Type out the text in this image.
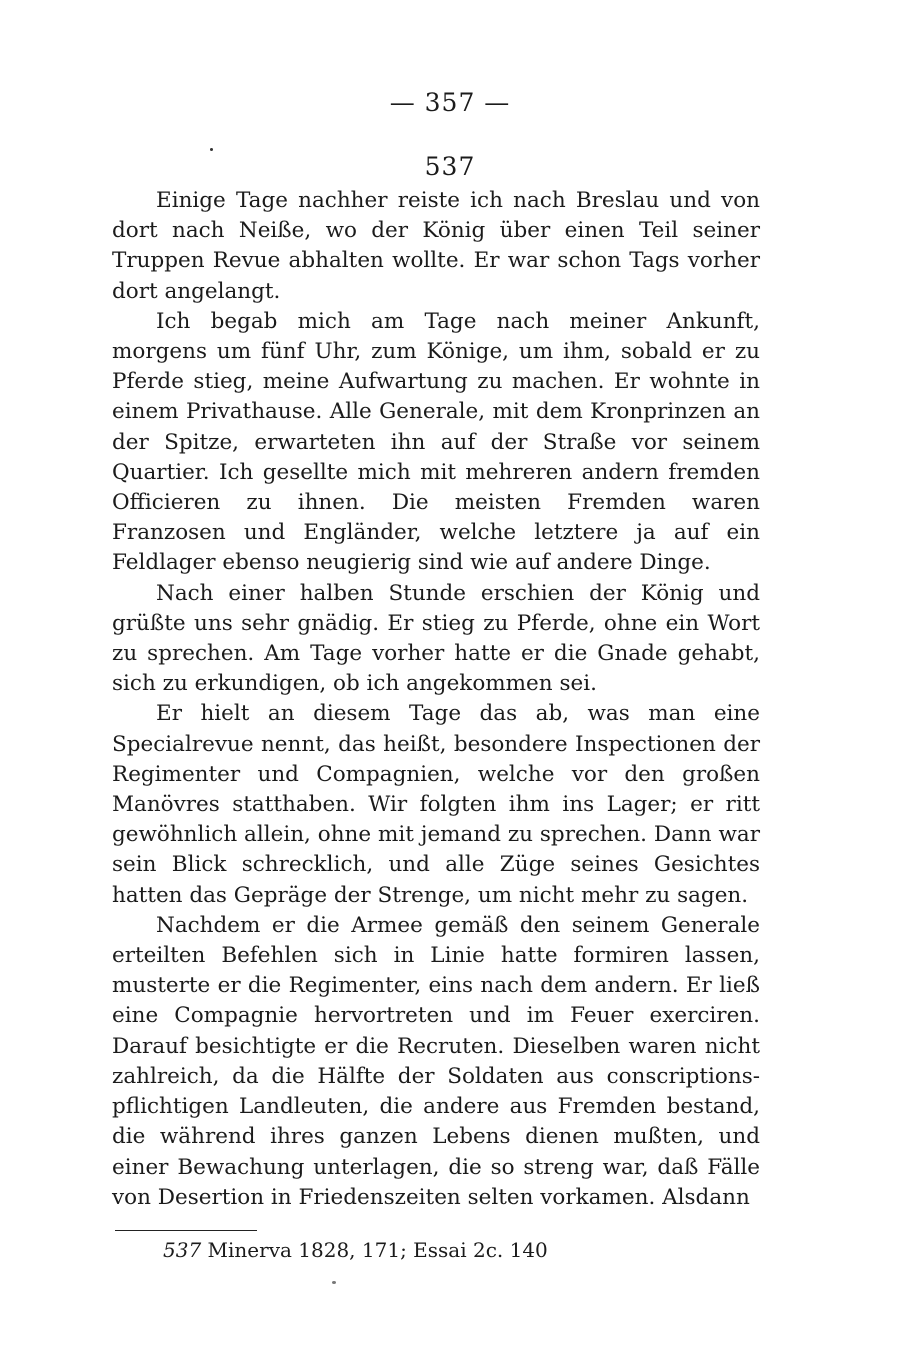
— 357 —
537

Einige Tage nachher reiste ich nach Breslau und von dort nach Neiße, wo der König über einen Teil seiner Truppen Revue abhalten wollte. Er war schon Tags vorher dort angelangt.

Ich begab mich am Tage nach meiner Ankunft, morgens um fünf Uhr, zum Könige, um ihm, sobald er zu Pferde stieg, meine Aufwartung zu machen. Er wohnte in einem Privathause. Alle Generale, mit dem Kronprinzen an der Spitze, erwarteten ihn auf der Straße vor seinem Quartier. Ich gesellte mich mit mehreren andern fremden Officieren zu ihnen. Die meisten Fremden waren Franzosen und Engländer, welche letztere ja auf ein Feldlager ebenso neugierig sind wie auf andere Dinge.

Nach einer halben Stunde erschien der König und grüßte uns sehr gnädig. Er stieg zu Pferde, ohne ein Wort zu sprechen. Am Tage vorher hatte er die Gnade gehabt, sich zu erkundigen, ob ich angekommen sei.

Er hielt an diesem Tage das ab, was man eine Specialrevue nennt, das heißt, besondere Inspectionen der Regimenter und Compagnien, welche vor den großen Manövres statthaben. Wir folgten ihm ins Lager; er ritt gewöhnlich allein, ohne mit jemand zu sprechen. Dann war sein Blick schrecklich, und alle Züge seines Gesichtes hatten das Gepräge der Strenge, um nicht mehr zu sagen.

Nachdem er die Armee gemäß den seinem Generale erteilten Befehlen sich in Linie hatte formiren lassen, musterte er die Regimenter, eins nach dem andern. Er ließ eine Compagnie hervortreten und im Feuer exerciren. Darauf besichtigte er die Recruten. Dieselben waren nicht zahlreich, da die Hälfte der Soldaten aus conscriptions-pflichtigen Landleuten, die andere aus Fremden bestand, die während ihres ganzen Lebens dienen mußten, und einer Bewachung unterlagen, die so streng war, daß Fälle von Desertion in Friedenszeiten selten vorkamen. Alsdann

537 Minerva 1828, 171; Essai 2c. 140
